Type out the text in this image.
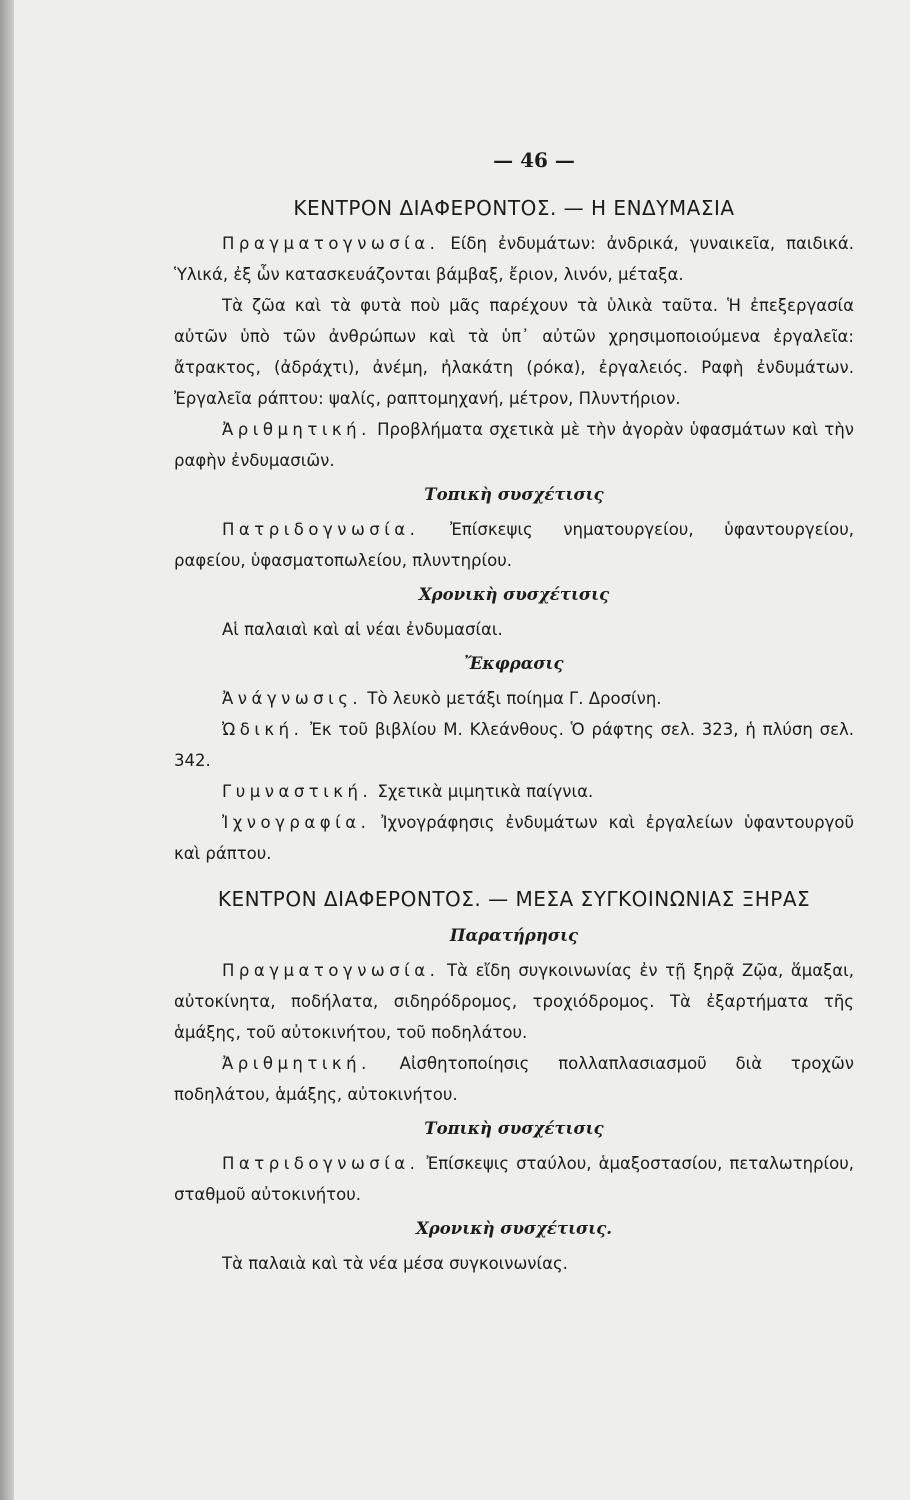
— 46 —
ΚΕΝΤΡΟΝ ΔΙΑΦΕΡΟΝΤΟΣ. — Η ΕΝΔΥΜΑΣΙΑ

Πραγματογνωσία. Είδη ἐνδυμάτων: ἀνδρικά, γυναικεῖα, παιδικά. Ὑλικά, ἐξ ὧν κατασκευάζονται βάμβαξ, ἔριον, λινόν, μέταξα.

Τὰ ζῶα καὶ τὰ φυτὰ ποὺ μᾶς παρέχουν τὰ ὑλικὰ ταῦτα. Ἡ ἐπεξεργασία αὐτῶν ὑπὸ τῶν ἀνθρώπων καὶ τὰ ὑπ᾽ αὐτῶν χρησιμοποιούμενα ἐργαλεῖα: ἄτρακτος, (ἀδράχτι), ἀνέμη, ἠλακάτη (ρόκα), ἐργαλειός. Ραφὴ ἐνδυμάτων. Ἐργαλεῖα ράπτου: ψαλίς, ραπτομηχανή, μέτρον, Πλυντήριον.

Ἀριθμητική. Προβλήματα σχετικὰ μὲ τὴν ἀγορὰν ὑφασμάτων καὶ τὴν ραφὴν ἐνδυμασιῶν.

Τοπικὴ συσχέτισις

Πατριδογνωσία. Ἐπίσκεψις νηματουργείου, ὑφαντουργείου, ραφείου, ὑφασματοπωλείου, πλυντηρίου.

Χρονικὴ συσχέτισις

Αἱ παλαιαὶ καὶ αἱ νέαι ἐνδυμασίαι.

Ἔκφρασις

Ἀνάγνωσις. Τὸ λευκὸ μετάξι ποίημα Γ. Δροσίνη.

Ὠδική. Ἐκ τοῦ βιβλίου Μ. Κλεάνθους. Ὁ ράφτης σελ. 323, ἡ πλύση σελ. 342.

Γυμναστική. Σχετικὰ μιμητικὰ παίγνια.

Ἰχνογραφία. Ἰχνογράφησις ἐνδυμάτων καὶ ἐργαλείων ὑφαντουργοῦ καὶ ράπτου.

ΚΕΝΤΡΟΝ ΔΙΑΦΕΡΟΝΤΟΣ. — ΜΕΣΑ ΣΥΓΚΟΙΝΩΝΙΑΣ ΞΗΡΑΣ
Παρατήρησις

Πραγματογνωσία. Τὰ εἴδη συγκοινωνίας ἐν τῇ ξηρᾷ Ζῷα, ἅμαξαι, αὐτοκίνητα, ποδήλατα, σιδηρόδρομος, τροχιόδρομος. Τὰ ἐξαρτήματα τῆς ἁμάξης, τοῦ αὐτοκινήτου, τοῦ ποδηλάτου.

Ἀριθμητική. Αἰσθητοποίησις πολλαπλασιασμοῦ διὰ τροχῶν ποδηλάτου, ἁμάξης, αὐτοκινήτου.

Τοπικὴ συσχέτισις

Πατριδογνωσία. Ἐπίσκεψις σταύλου, ἁμαξοστασίου, πεταλωτηρίου, σταθμοῦ αὐτοκινήτου.

Χρονικὴ συσχέτισις.

Τὰ παλαιὰ καὶ τὰ νέα μέσα συγκοινωνίας.
